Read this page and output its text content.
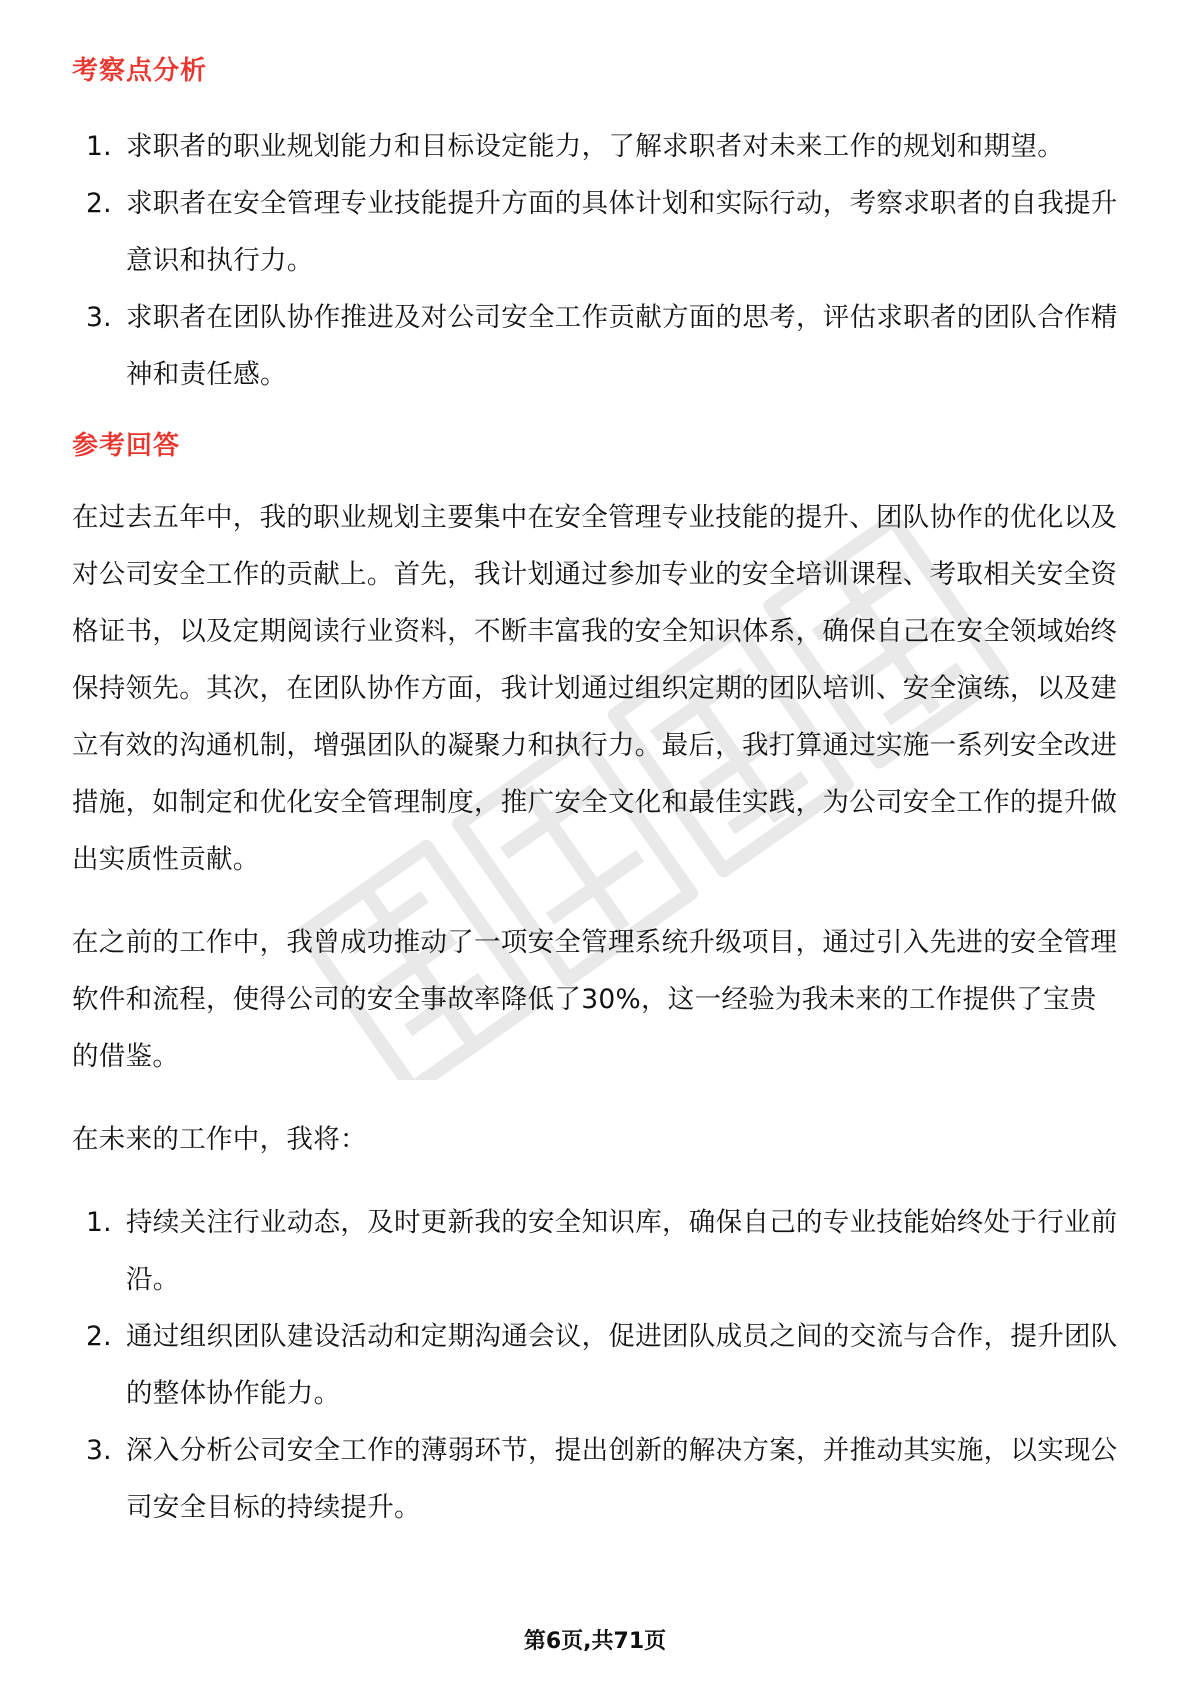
考察点分析
1. 求职者的职业规划能力和目标设定能力，了解求职者对未来工作的规划和期望。
2. 求职者在安全管理专业技能提升方面的具体计划和实际行动，考察求职者的自我提升意识和执行力。
3. 求职者在团队协作推进及对公司安全工作贡献方面的思考，评估求职者的团队合作精神和责任感。
参考回答

在过去五年中，我的职业规划主要集中在安全管理专业技能的提升、团队协作的优化以及对公司安全工作的贡献上。首先，我计划通过参加专业的安全培训课程、考取相关安全资格证书，以及定期阅读行业资料，不断丰富我的安全知识体系，确保自己在安全领域始终保持领先。其次，在团队协作方面，我计划通过组织定期的团队培训、安全演练，以及建立有效的沟通机制，增强团队的凝聚力和执行力。最后，我打算通过实施一系列安全改进措施，如制定和优化安全管理制度，推广安全文化和最佳实践，为公司安全工作的提升做出实质性贡献。

在之前的工作中，我曾成功推动了一项安全管理系统升级项目，通过引入先进的安全管理软件和流程，使得公司的安全事故率降低了30%，这一经验为我未来的工作提供了宝贵的借鉴。

在未来的工作中，我将：

1. 持续关注行业动态，及时更新我的安全知识库，确保自己的专业技能始终处于行业前沿。
2. 通过组织团队建设活动和定期沟通会议，促进团队成员之间的交流与合作，提升团队的整体协作能力。
3. 深入分析公司安全工作的薄弱环节，提出创新的解决方案，并推动其实施，以实现公司安全目标的持续提升。
第6页,共71页
